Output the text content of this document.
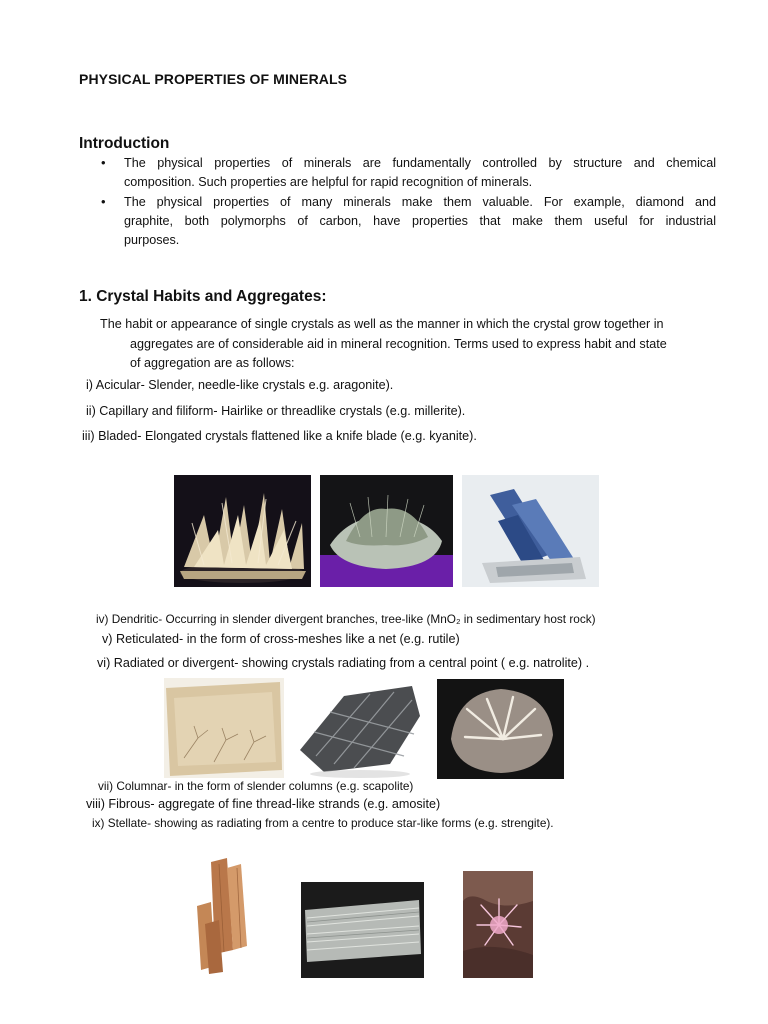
PHYSICAL PROPERTIES OF MINERALS
Introduction
• The physical properties of minerals are fundamentally controlled by structure and chemical
composition. Such properties are helpful for rapid recognition of minerals.
• The physical properties of many minerals make them valuable. For example, diamond and
graphite, both polymorphs of carbon, have properties that make them useful for industrial
purposes.
1. Crystal Habits and Aggregates:
The habit or appearance of single crystals as well as the manner in which the crystal grow together in
aggregates are of considerable aid in mineral recognition. Terms used to express habit and state
of aggregation are as follows:
i) Acicular- Slender, needle-like crystals e.g. aragonite).
ii) Capillary and filiform- Hairlike or threadlike crystals (e.g. millerite).
iii) Bladed- Elongated crystals flattened like a knife blade (e.g. kyanite).
iv) Dendritic- Occurring in slender divergent branches, tree-like (MnO₂ in sedimentary host rock)
v) Reticulated- in the form of cross-meshes like a net (e.g. rutile)
vi) Radiated or divergent- showing crystals radiating from a central point ( e.g. natrolite) .
vii) Columnar- in the form of slender columns (e.g. scapolite)
viii) Fibrous- aggregate of fine thread-like strands (e.g. amosite)
ix) Stellate- showing as radiating from a centre to produce star-like forms (e.g. strengite).
